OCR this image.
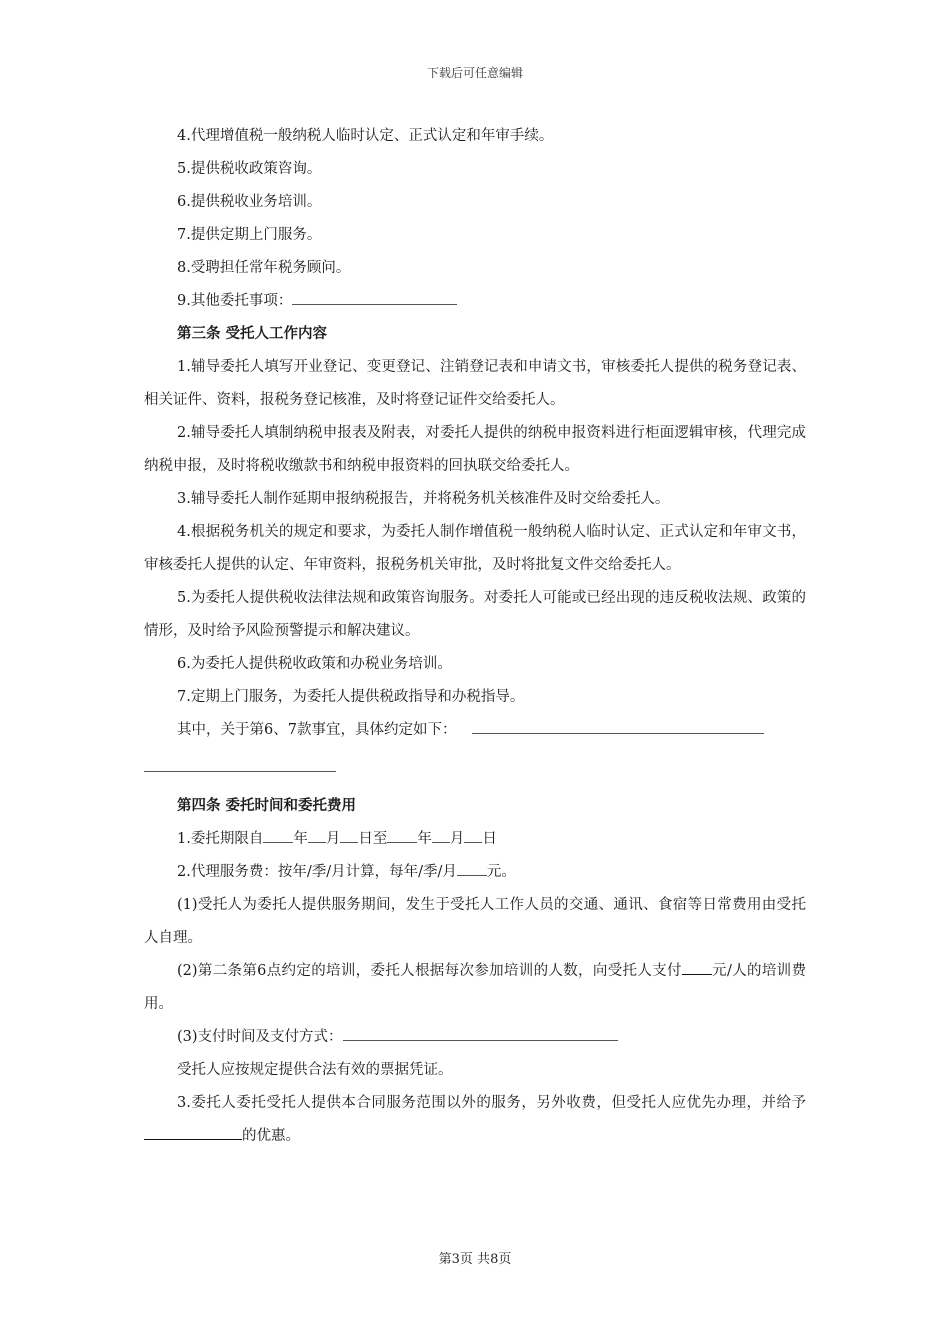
下载后可任意编辑

4.代理增值税一般纳税人临时认定、正式认定和年审手续。

5.提供税收政策咨询。

6.提供税收业务培训。

7.提供定期上门服务。

8.受聘担任常年税务顾问。

9.其他委托事项：

第三条 受托人工作内容

1.辅导委托人填写开业登记、变更登记、注销登记表和申请文书，审核委托人提供的税务登记表、相关证件、资料，报税务登记核准，及时将登记证件交给委托人。

2.辅导委托人填制纳税申报表及附表，对委托人提供的纳税申报资料进行柜面逻辑审核，代理完成纳税申报，及时将税收缴款书和纳税申报资料的回执联交给委托人。

3.辅导委托人制作延期申报纳税报告，并将税务机关核准件及时交给委托人。

4.根据税务机关的规定和要求，为委托人制作增值税一般纳税人临时认定、正式认定和年审文书，审核委托人提供的认定、年审资料，报税务机关审批，及时将批复文件交给委托人。

5.为委托人提供税收法律法规和政策咨询服务。对委托人可能或已经出现的违反税收法规、政策的情形，及时给予风险预警提示和解决建议。

6.为委托人提供税收政策和办税业务培训。

7.定期上门服务，为委托人提供税政指导和办税指导。

其中，关于第6、7款事宜，具体约定如下：

第四条 委托时间和委托费用

1.委托期限自 年 月 日至 年 月 日

2.代理服务费：按年/季/月计算，每年/季/月 元。

(1)受托人为委托人提供服务期间，发生于受托人工作人员的交通、通讯、食宿等日常费用由受托人自理。

(2)第二条第6点约定的培训，委托人根据每次参加培训的人数，向受托人支付 元/人的培训费用。

(3)支付时间及支付方式：

受托人应按规定提供合法有效的票据凭证。

3.委托人委托受托人提供本合同服务范围以外的服务，另外收费，但受托人应优先办理，并给予的优惠。

第3页 共8页
